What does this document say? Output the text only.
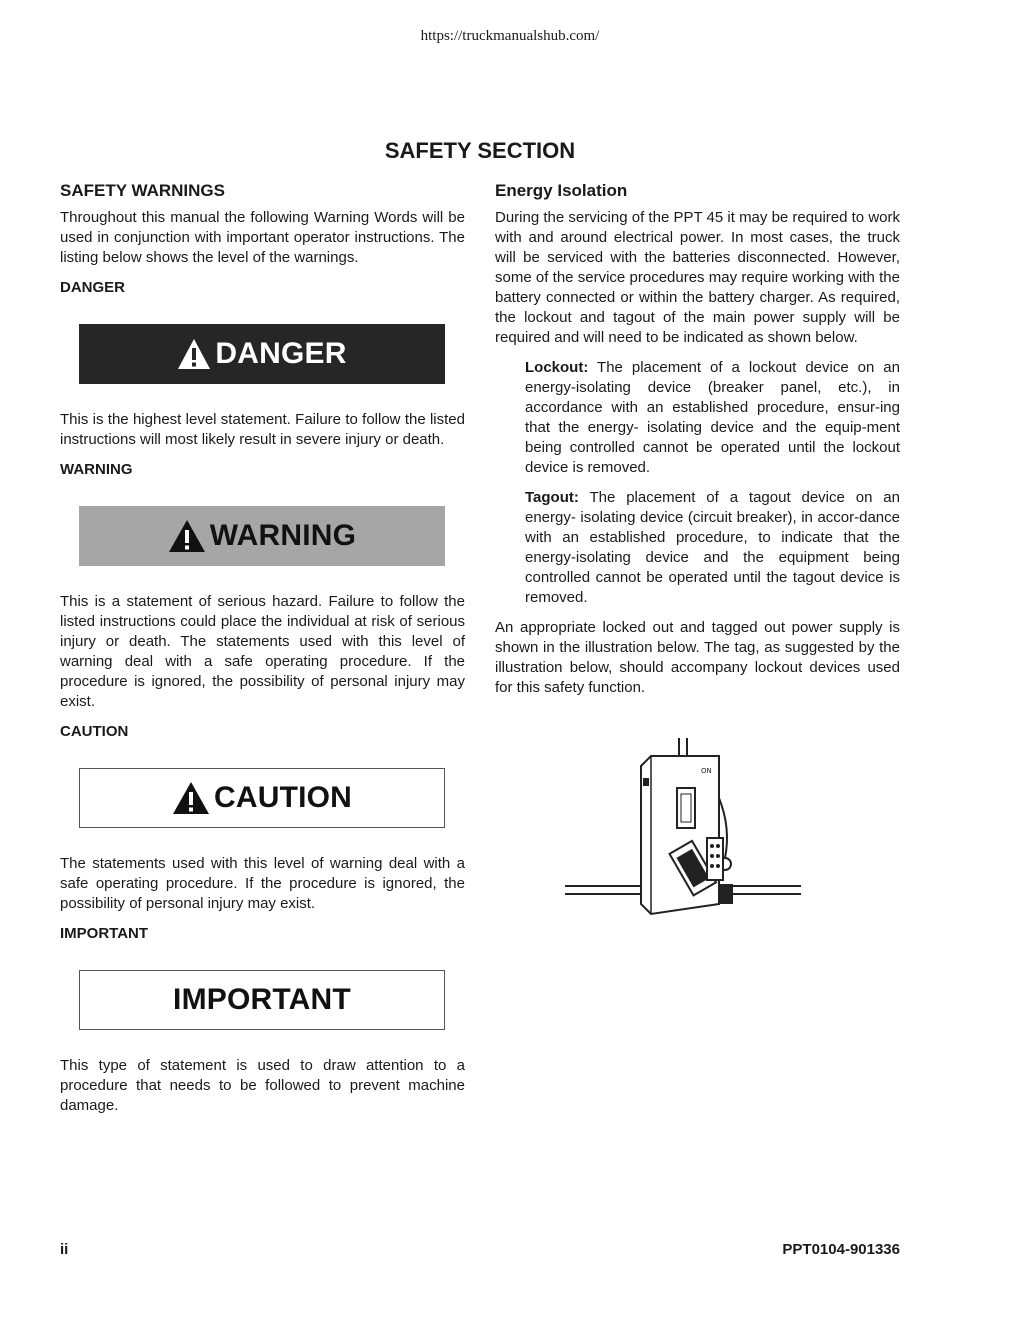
https://truckmanualshub.com/
SAFETY SECTION
SAFETY WARNINGS

Throughout this manual the following Warning Words will be used in conjunction with important operator instructions. The listing below shows the level of the warnings.

DANGER
DANGER

This is the highest level statement. Failure to follow the listed instructions will most likely result in severe injury or death.

WARNING
WARNING

This is a statement of serious hazard. Failure to follow the listed instructions could place the individual at risk of serious injury or death. The statements used with this level of warning deal with a safe operating procedure. If the procedure is ignored, the possibility of personal injury may exist.

CAUTION
CAUTION

The statements used with this level of warning deal with a safe operating procedure. If the procedure is ignored, the possibility of personal injury may exist.

IMPORTANT
IMPORTANT

This type of statement is used to draw attention to a procedure that needs to be followed to prevent machine damage.

Energy Isolation

During the servicing of the PPT 45 it may be required to work with and around electrical power. In most cases, the truck will be serviced with the batteries disconnected. However, some of the service procedures may require working with the battery connected or within the battery charger. As required, the lockout and tagout of the main power supply will be required and will need to be indicated as shown below.

Lockout: The placement of a lockout device on an energy-isolating device (breaker panel, etc.), in accordance with an established procedure, ensur-ing that the energy- isolating device and the equip-ment being controlled cannot be operated until the lockout device is removed.

Tagout: The placement of a tagout device on an energy- isolating device (circuit breaker), in accor-dance with an established procedure, to indicate that the energy-isolating device and the equipment being controlled cannot be operated until the tagout device is removed.

An appropriate locked out and tagged out power supply is shown in the illustration below. The tag, as suggested by the illustration below, should accompany lockout devices used for this safety function.

ON
ii	PPT0104-901336
